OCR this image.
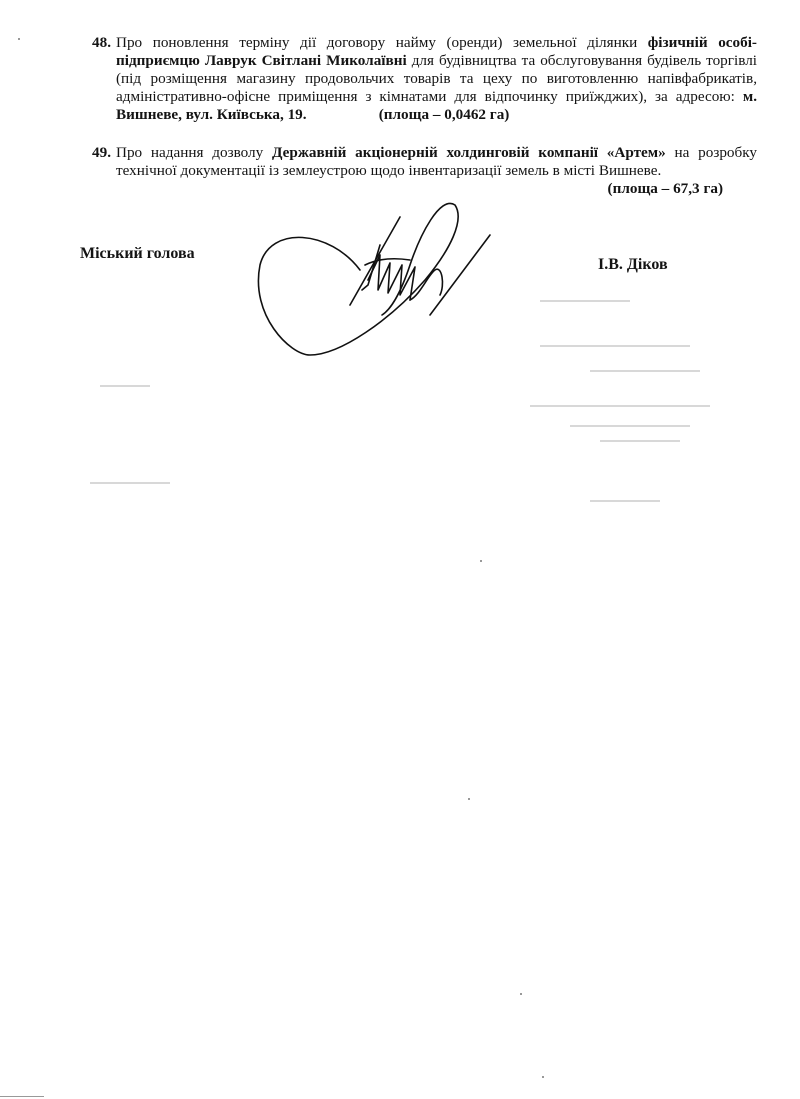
48. Про поновлення терміну дії договору найму (оренди) земельної ділянки фізичній особі-підприємцю Лаврук Світлані Миколаївні для будівництва та обслуговування будівель торгівлі (під розміщення магазину продовольчих товарів та цеху по виготовленню напівфабрикатів, адміністративно-офісне приміщення з кімнатами для відпочинку приїжджих), за адресою: м. Вишневе, вул. Київська, 19.	(площа – 0,0462 га)
49. Про надання дозволу Державній акціонерній холдинговій компанії «Артем» на розробку технічної документації із землеустрою щодо інвентаризації земель в місті Вишневе.
(площа – 67,3 га)
Міський голова
І.В. Діков
